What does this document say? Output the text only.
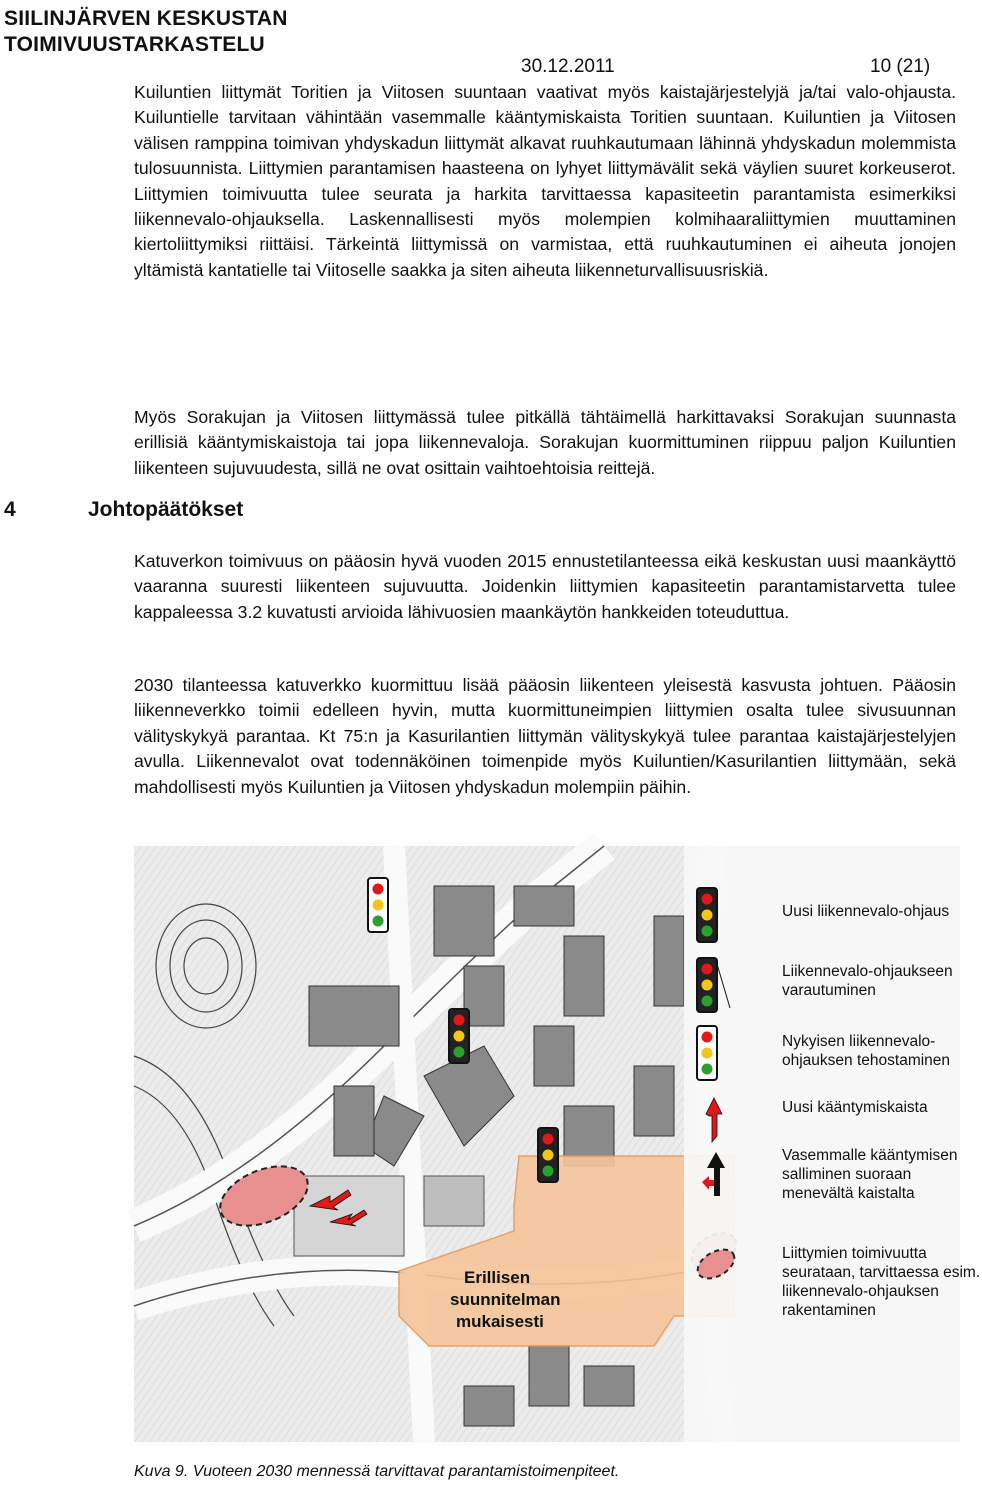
SIILINJÄRVEN KESKUSTAN
TOIMIVUUSTARKASTELU
30.12.2011	10 (21)

Kuiluntien liittymät Toritien ja Viitosen suuntaan vaativat myös kaistajärjestelyjä ja/tai valo-ohjausta. Kuiluntielle tarvitaan vähintään vasemmalle kääntymiskaista Toritien suuntaan. Kuiluntien ja Viitosen välisen ramppina toimivan yhdyskadun liittymät alkavat ruuhkautumaan lähinnä yhdyskadun molemmista tulosuunnista. Liittymien parantamisen haasteena on lyhyet liittymävälit sekä väylien suuret korkeuserot. Liittymien toimivuutta tulee seurata ja harkita tarvittaessa kapasiteetin parantamista esimerkiksi liikennevalo-ohjauksella. Laskennallisesti myös molempien kolmihaaraliittymien muuttaminen kiertoliittymiksi riittäisi. Tärkeintä liittymissä on varmistaa, että ruuhkautuminen ei aiheuta jonojen yltämistä kantatielle tai Viitoselle saakka ja siten aiheuta liikenneturvallisuusriskiä.

Myös Sorakujan ja Viitosen liittymässä tulee pitkällä tähtäimellä harkittavaksi Sorakujan suunnasta erillisiä kääntymiskaistoja tai jopa liikennevaloja. Sorakujan kuormittuminen riippuu paljon Kuiluntien liikenteen sujuvuudesta, sillä ne ovat osittain vaihtoehtoisia reittejä.

4	Johtopäätökset

Katuverkon toimivuus on pääosin hyvä vuoden 2015 ennustetilanteessa eikä keskustan uusi maankäyttö vaaranna suuresti liikenteen sujuvuutta. Joidenkin liittymien kapasiteetin parantamistarvetta tulee kappaleessa 3.2 kuvatusti arvioida lähivuosien maankäytön hankkeiden toteuduttua.

2030 tilanteessa katuverkko kuormittuu lisää pääosin liikenteen yleisestä kasvusta johtuen. Pääosin liikenneverkko toimii edelleen hyvin, mutta kuormittuneimpien liittymien osalta tulee sivusuunnan välityskykyä parantaa. Kt 75:n ja Kasurilantien liittymän välityskykyä tulee parantaa kaistajärjestelyjen avulla. Liikennevalot ovat todennäköinen toimenpide myös Kuiluntien/Kasurilantien liittymään, sekä mahdollisesti myös Kuiluntien ja Viitosen yhdyskadun molempiin päihin.

Erillisen suunnitelman mukaisesti
Uusi liikennevalo-ohjaus
Liikennevalo-ohjaukseen varautuminen
Nykyisen liikennevalo-ohjauksen tehostaminen
Uusi kääntymiskaista
Vasemmalle kääntymisen salliminen suoraan menevältä kaistalta
Liittymien toimivuutta seurataan, tarvittaessa esim. liikennevalo-ohjauksen rakentaminen
Kuva 9. Vuoteen 2030 mennessä tarvittavat parantamistoimenpiteet.
